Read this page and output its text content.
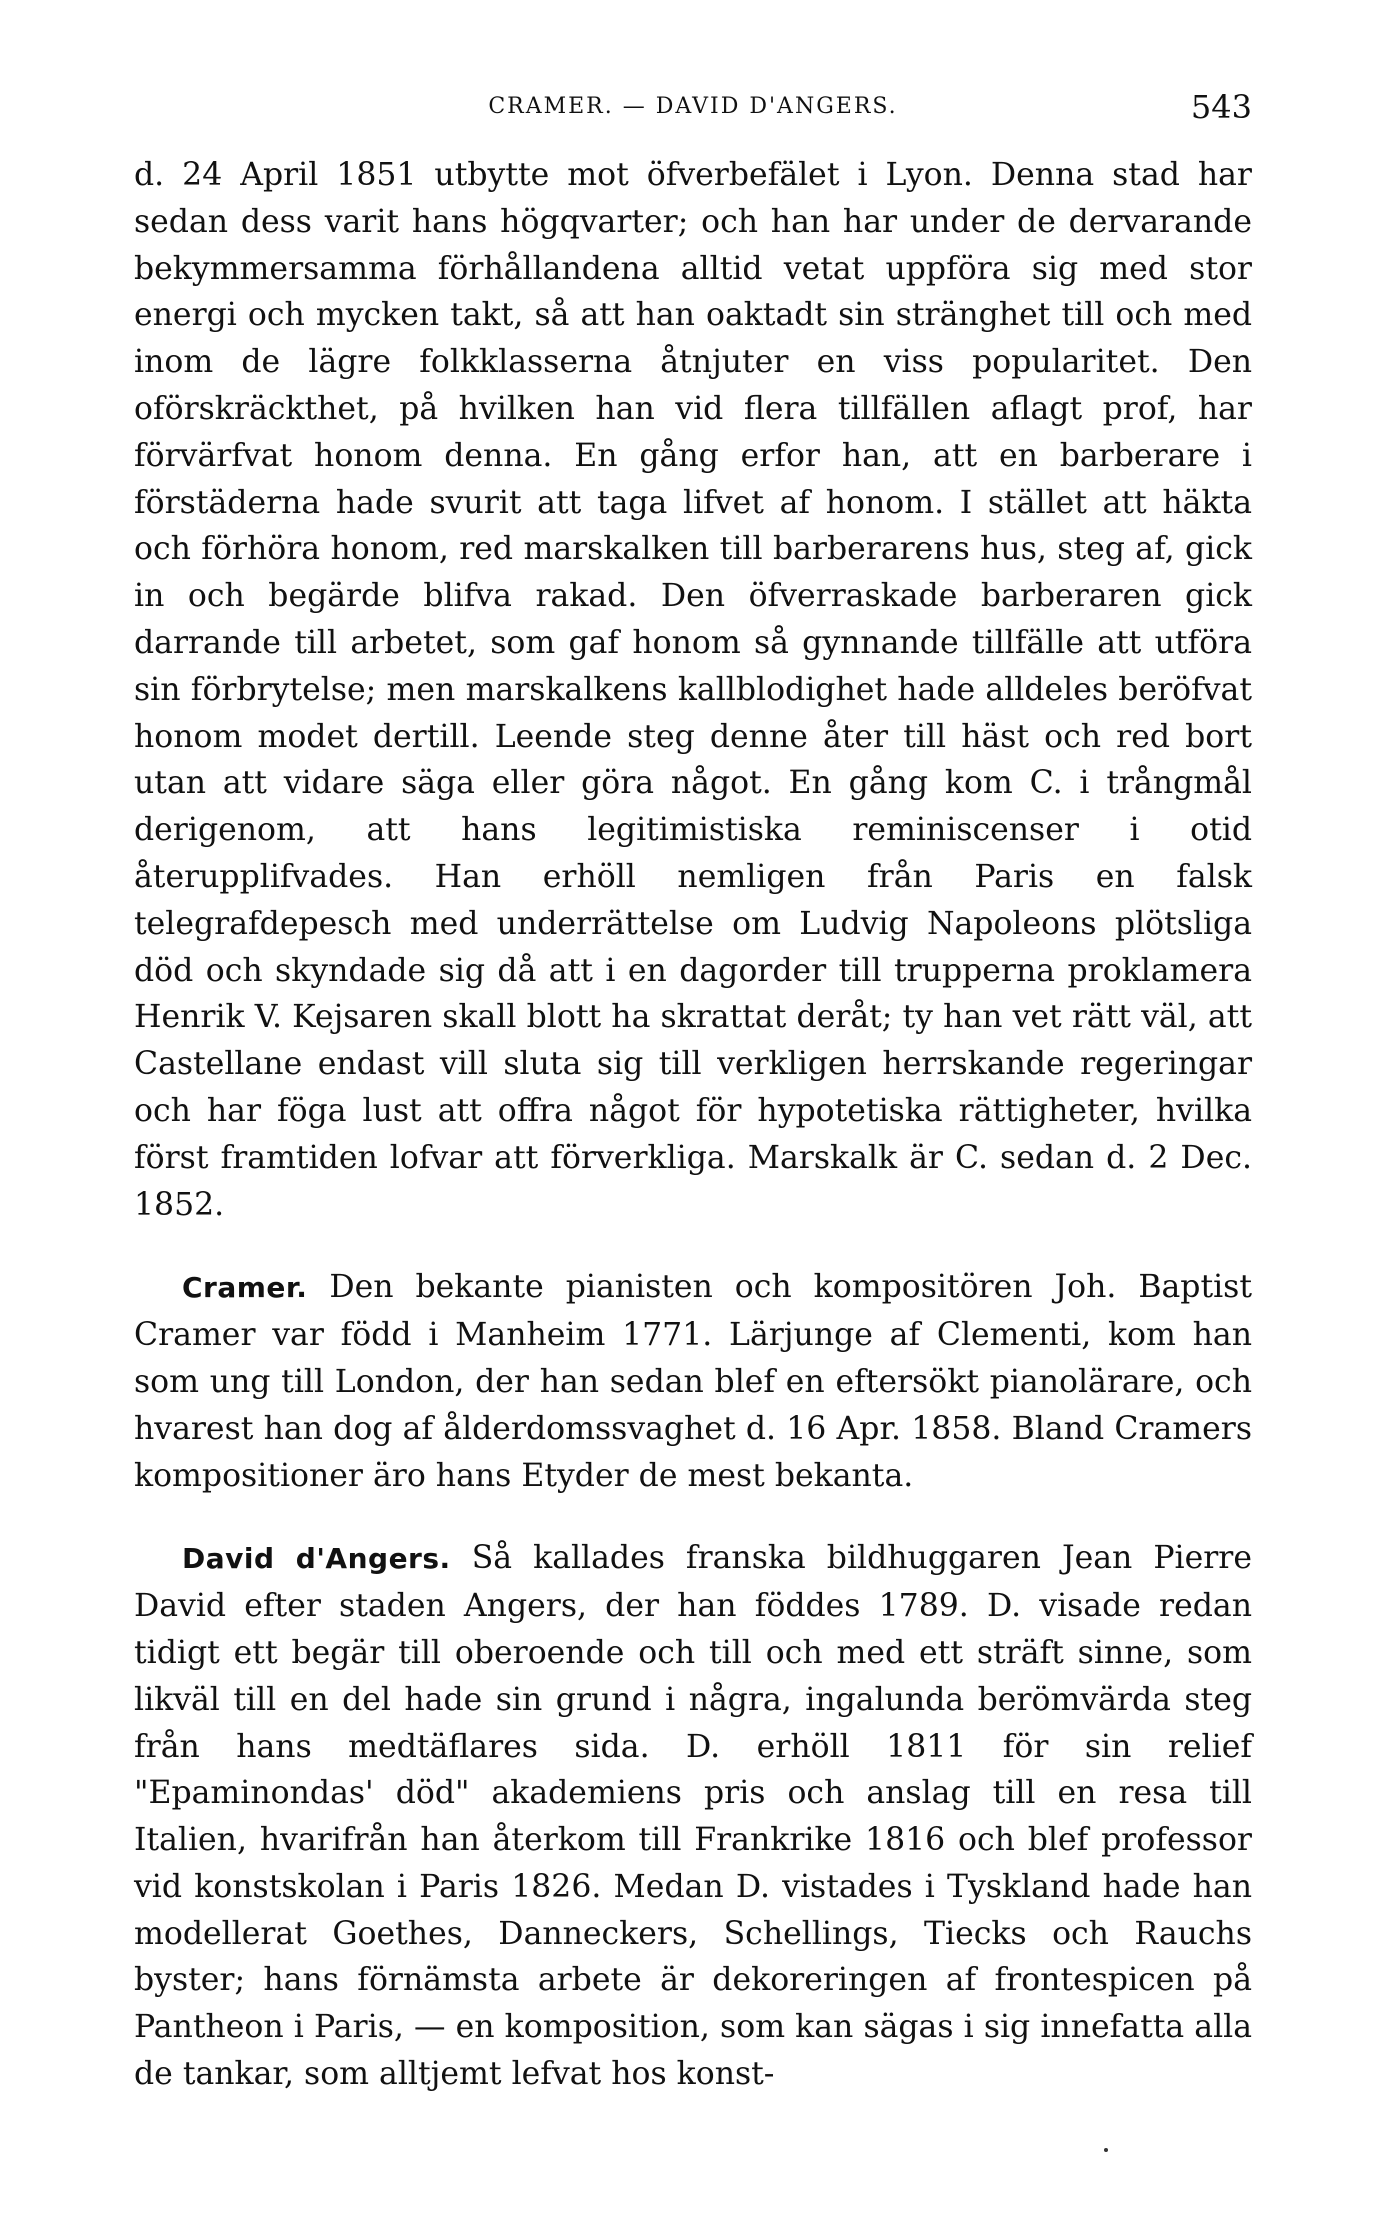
CRAMER. — DAVID D'ANGERS.	543

d. 24 April 1851 utbytte mot öfverbefälet i Lyon. Denna stad har sedan dess varit hans högqvarter; och han har under de dervarande bekymmersamma förhållandena alltid vetat uppföra sig med stor energi och mycken takt, så att han oaktadt sin stränghet till och med inom de lägre folkklasserna åtnjuter en viss popularitet. Den oförskräckthet, på hvilken han vid flera tillfällen aflagt prof, har förvärfvat honom denna. En gång erfor han, att en barberare i förstäderna hade svurit att taga lifvet af honom. I stället att häkta och förhöra honom, red marskalken till barberarens hus, steg af, gick in och begärde blifva rakad. Den öfverraskade barberaren gick darrande till arbetet, som gaf honom så gynnande tillfälle att utföra sin förbrytelse; men marskalkens kallblodighet hade alldeles beröfvat honom modet dertill. Leende steg denne åter till häst och red bort utan att vidare säga eller göra något. En gång kom C. i trångmål derigenom, att hans legitimistiska reminiscenser i otid återupplifvades. Han erhöll nemligen från Paris en falsk telegrafdepesch med underrättelse om Ludvig Napoleons plötsliga död och skyndade sig då att i en dagorder till trupperna proklamera Henrik V. Kejsaren skall blott ha skrattat deråt; ty han vet rätt väl, att Castellane endast vill sluta sig till verkligen herrskande regeringar och har föga lust att offra något för hypotetiska rättigheter, hvilka först framtiden lofvar att förverkliga. Marskalk är C. sedan d. 2 Dec. 1852.

Cramer. Den bekante pianisten och kompositören Joh. Baptist Cramer var född i Manheim 1771. Lärjunge af Clementi, kom han som ung till London, der han sedan blef en eftersökt pianolärare, och hvarest han dog af ålderdomssvaghet d. 16 Apr. 1858. Bland Cramers kompositioner äro hans Etyder de mest bekanta.

David d'Angers. Så kallades franska bildhuggaren Jean Pierre David efter staden Angers, der han föddes 1789. D. visade redan tidigt ett begär till oberoende och till och med ett sträft sinne, som likväl till en del hade sin grund i några, ingalunda berömvärda steg från hans medtäflares sida. D. erhöll 1811 för sin relief "Epaminondas' död" akademiens pris och anslag till en resa till Italien, hvarifrån han återkom till Frankrike 1816 och blef professor vid konstskolan i Paris 1826. Medan D. vistades i Tyskland hade han modellerat Goethes, Danneckers, Schellings, Tiecks och Rauchs byster; hans förnämsta arbete är dekoreringen af frontespicen på Pantheon i Paris, — en komposition, som kan sägas i sig innefatta alla de tankar, som alltjemt lefvat hos konst-
